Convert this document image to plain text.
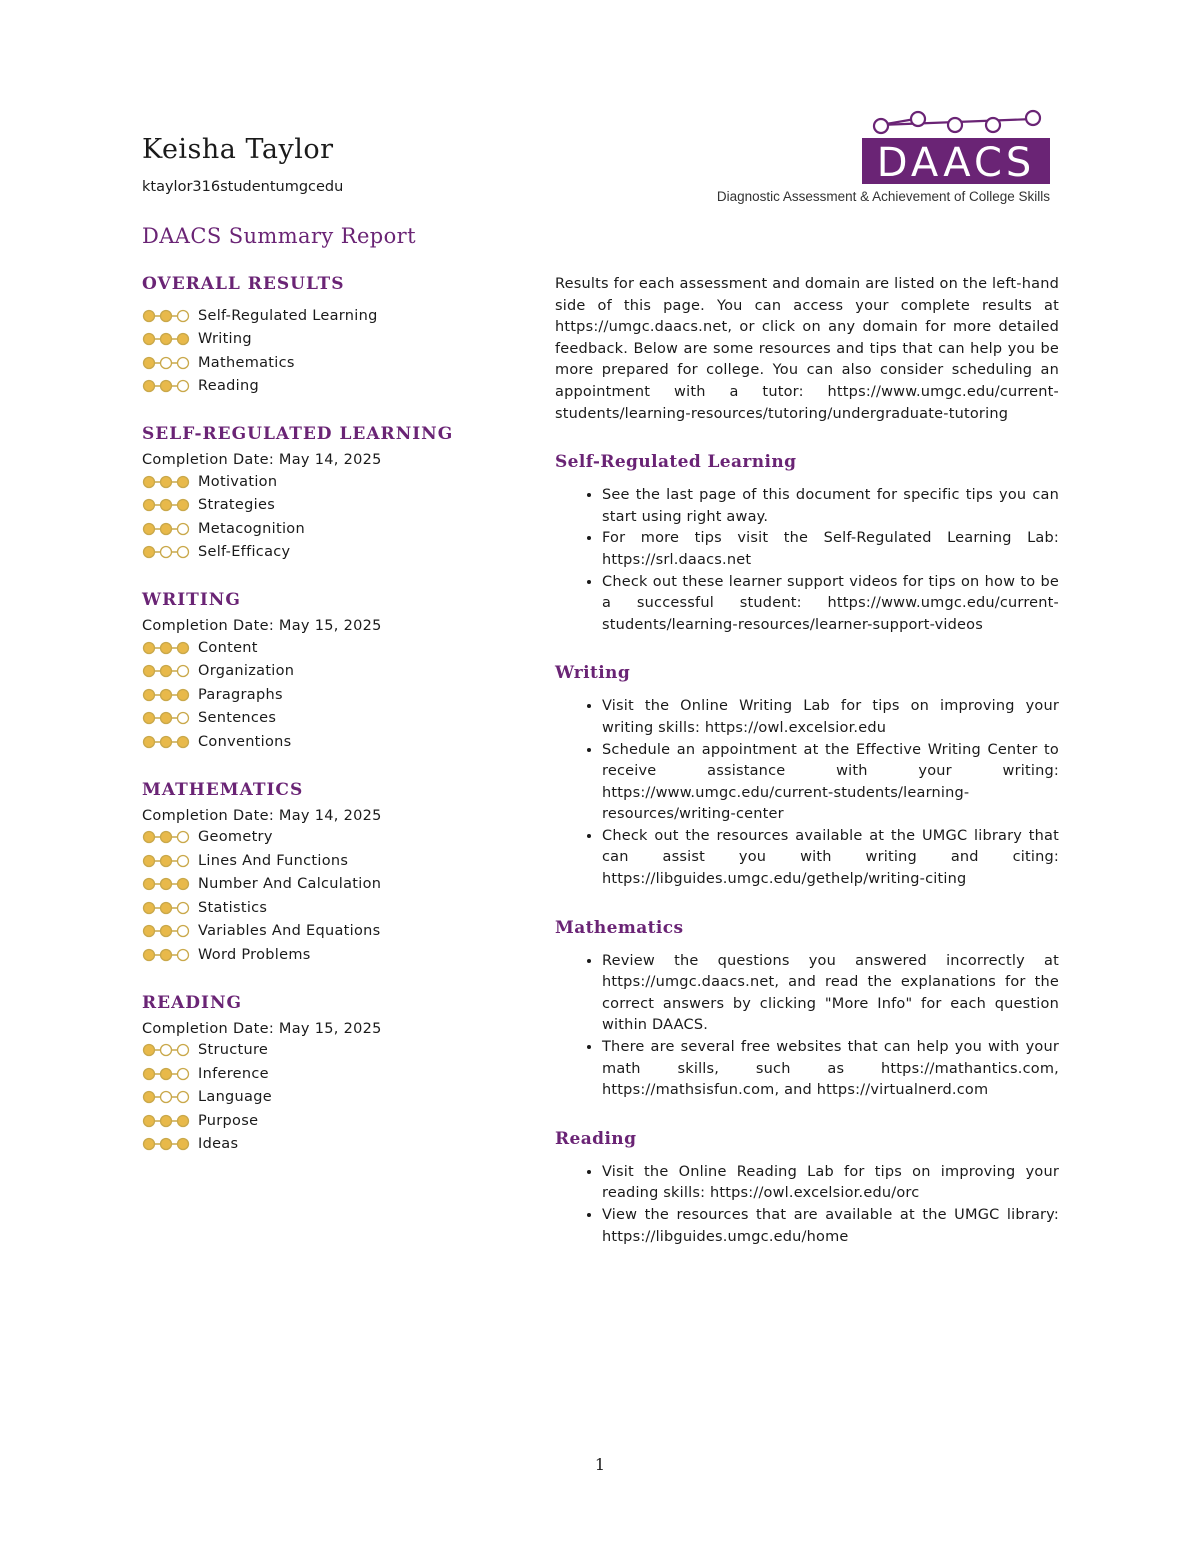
Keisha Taylor
ktaylor316studentumgcedu
DAACS Summary Report
DAACS
Diagnostic Assessment & Achievement of College Skills
OVERALL RESULTS
Self-Regulated Learning
Writing
Mathematics
Reading
SELF-REGULATED LEARNING
Completion Date: May 14, 2025
Motivation
Strategies
Metacognition
Self-Efficacy
WRITING
Completion Date: May 15, 2025
Content
Organization
Paragraphs
Sentences
Conventions
MATHEMATICS
Completion Date: May 14, 2025
Geometry
Lines And Functions
Number And Calculation
Statistics
Variables And Equations
Word Problems
READING
Completion Date: May 15, 2025
Structure
Inference
Language
Purpose
Ideas

Results for each assessment and domain are listed on the left-hand side of this page. You can access your complete results at https://umgc.daacs.net, or click on any domain for more detailed feedback. Below are some resources and tips that can help you be more prepared for college. You can also consider scheduling an appointment with a tutor: https://www.umgc.edu/current-students/learning-resources/tutoring/undergraduate-tutoring

Self-Regulated Learning
• See the last page of this document for specific tips you can start using right away.
• For more tips visit the Self-Regulated Learning Lab: https://srl.daacs.net
• Check out these learner support videos for tips on how to be a successful student: https://www.umgc.edu/current-students/learning-resources/learner-support-videos
Writing
• Visit the Online Writing Lab for tips on improving your writing skills: https://owl.excelsior.edu
• Schedule an appointment at the Effective Writing Center to receive assistance with your writing: https://www.umgc.edu/current-students/learning-resources/writing-center
• Check out the resources available at the UMGC library that can assist you with writing and citing: https://libguides.umgc.edu/gethelp/writing-citing
Mathematics
• Review the questions you answered incorrectly at https://umgc.daacs.net, and read the explanations for the correct answers by clicking "More Info" for each question within DAACS.
• There are several free websites that can help you with your math skills, such as https://mathantics.com, https://mathsisfun.com, and https://virtualnerd.com
Reading
• Visit the Online Reading Lab for tips on improving your reading skills: https://owl.excelsior.edu/orc
• View the resources that are available at the UMGC library: https://libguides.umgc.edu/home
1
